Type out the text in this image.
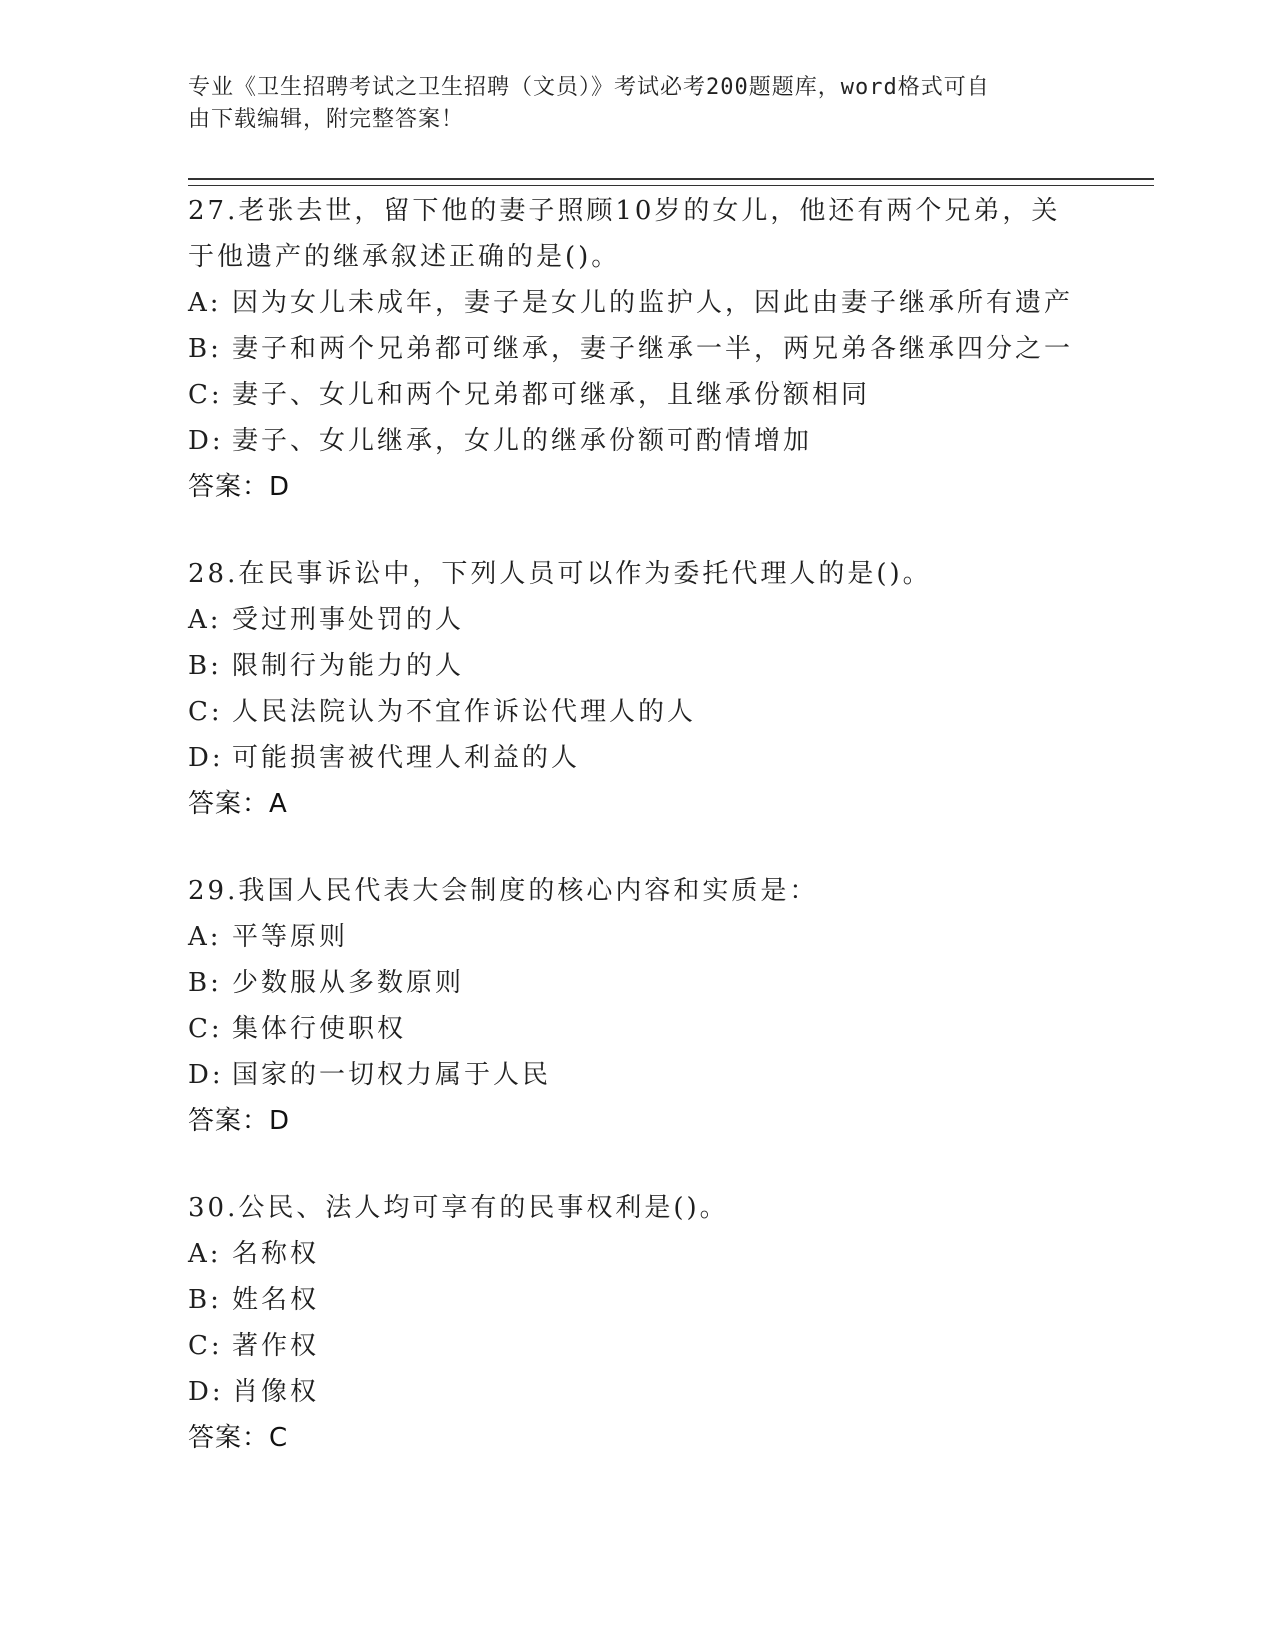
专业《卫生招聘考试之卫生招聘（文员）》考试必考200题题库，word格式可自
由下载编辑，附完整答案！
27.老张去世，留下他的妻子照顾10岁的女儿，他还有两个兄弟，关
于他遗产的继承叙述正确的是()。
A: 因为女儿未成年，妻子是女儿的监护人，因此由妻子继承所有遗产
B: 妻子和两个兄弟都可继承，妻子继承一半，两兄弟各继承四分之一
C: 妻子、女儿和两个兄弟都可继承，且继承份额相同
D: 妻子、女儿继承，女儿的继承份额可酌情增加
答案：D
28.在民事诉讼中，下列人员可以作为委托代理人的是()。
A: 受过刑事处罚的人
B: 限制行为能力的人
C: 人民法院认为不宜作诉讼代理人的人
D: 可能损害被代理人利益的人
答案：A
29.我国人民代表大会制度的核心内容和实质是：
A: 平等原则
B: 少数服从多数原则
C: 集体行使职权
D: 国家的一切权力属于人民
答案：D
30.公民、法人均可享有的民事权利是()。
A: 名称权
B: 姓名权
C: 著作权
D: 肖像权
答案：C
